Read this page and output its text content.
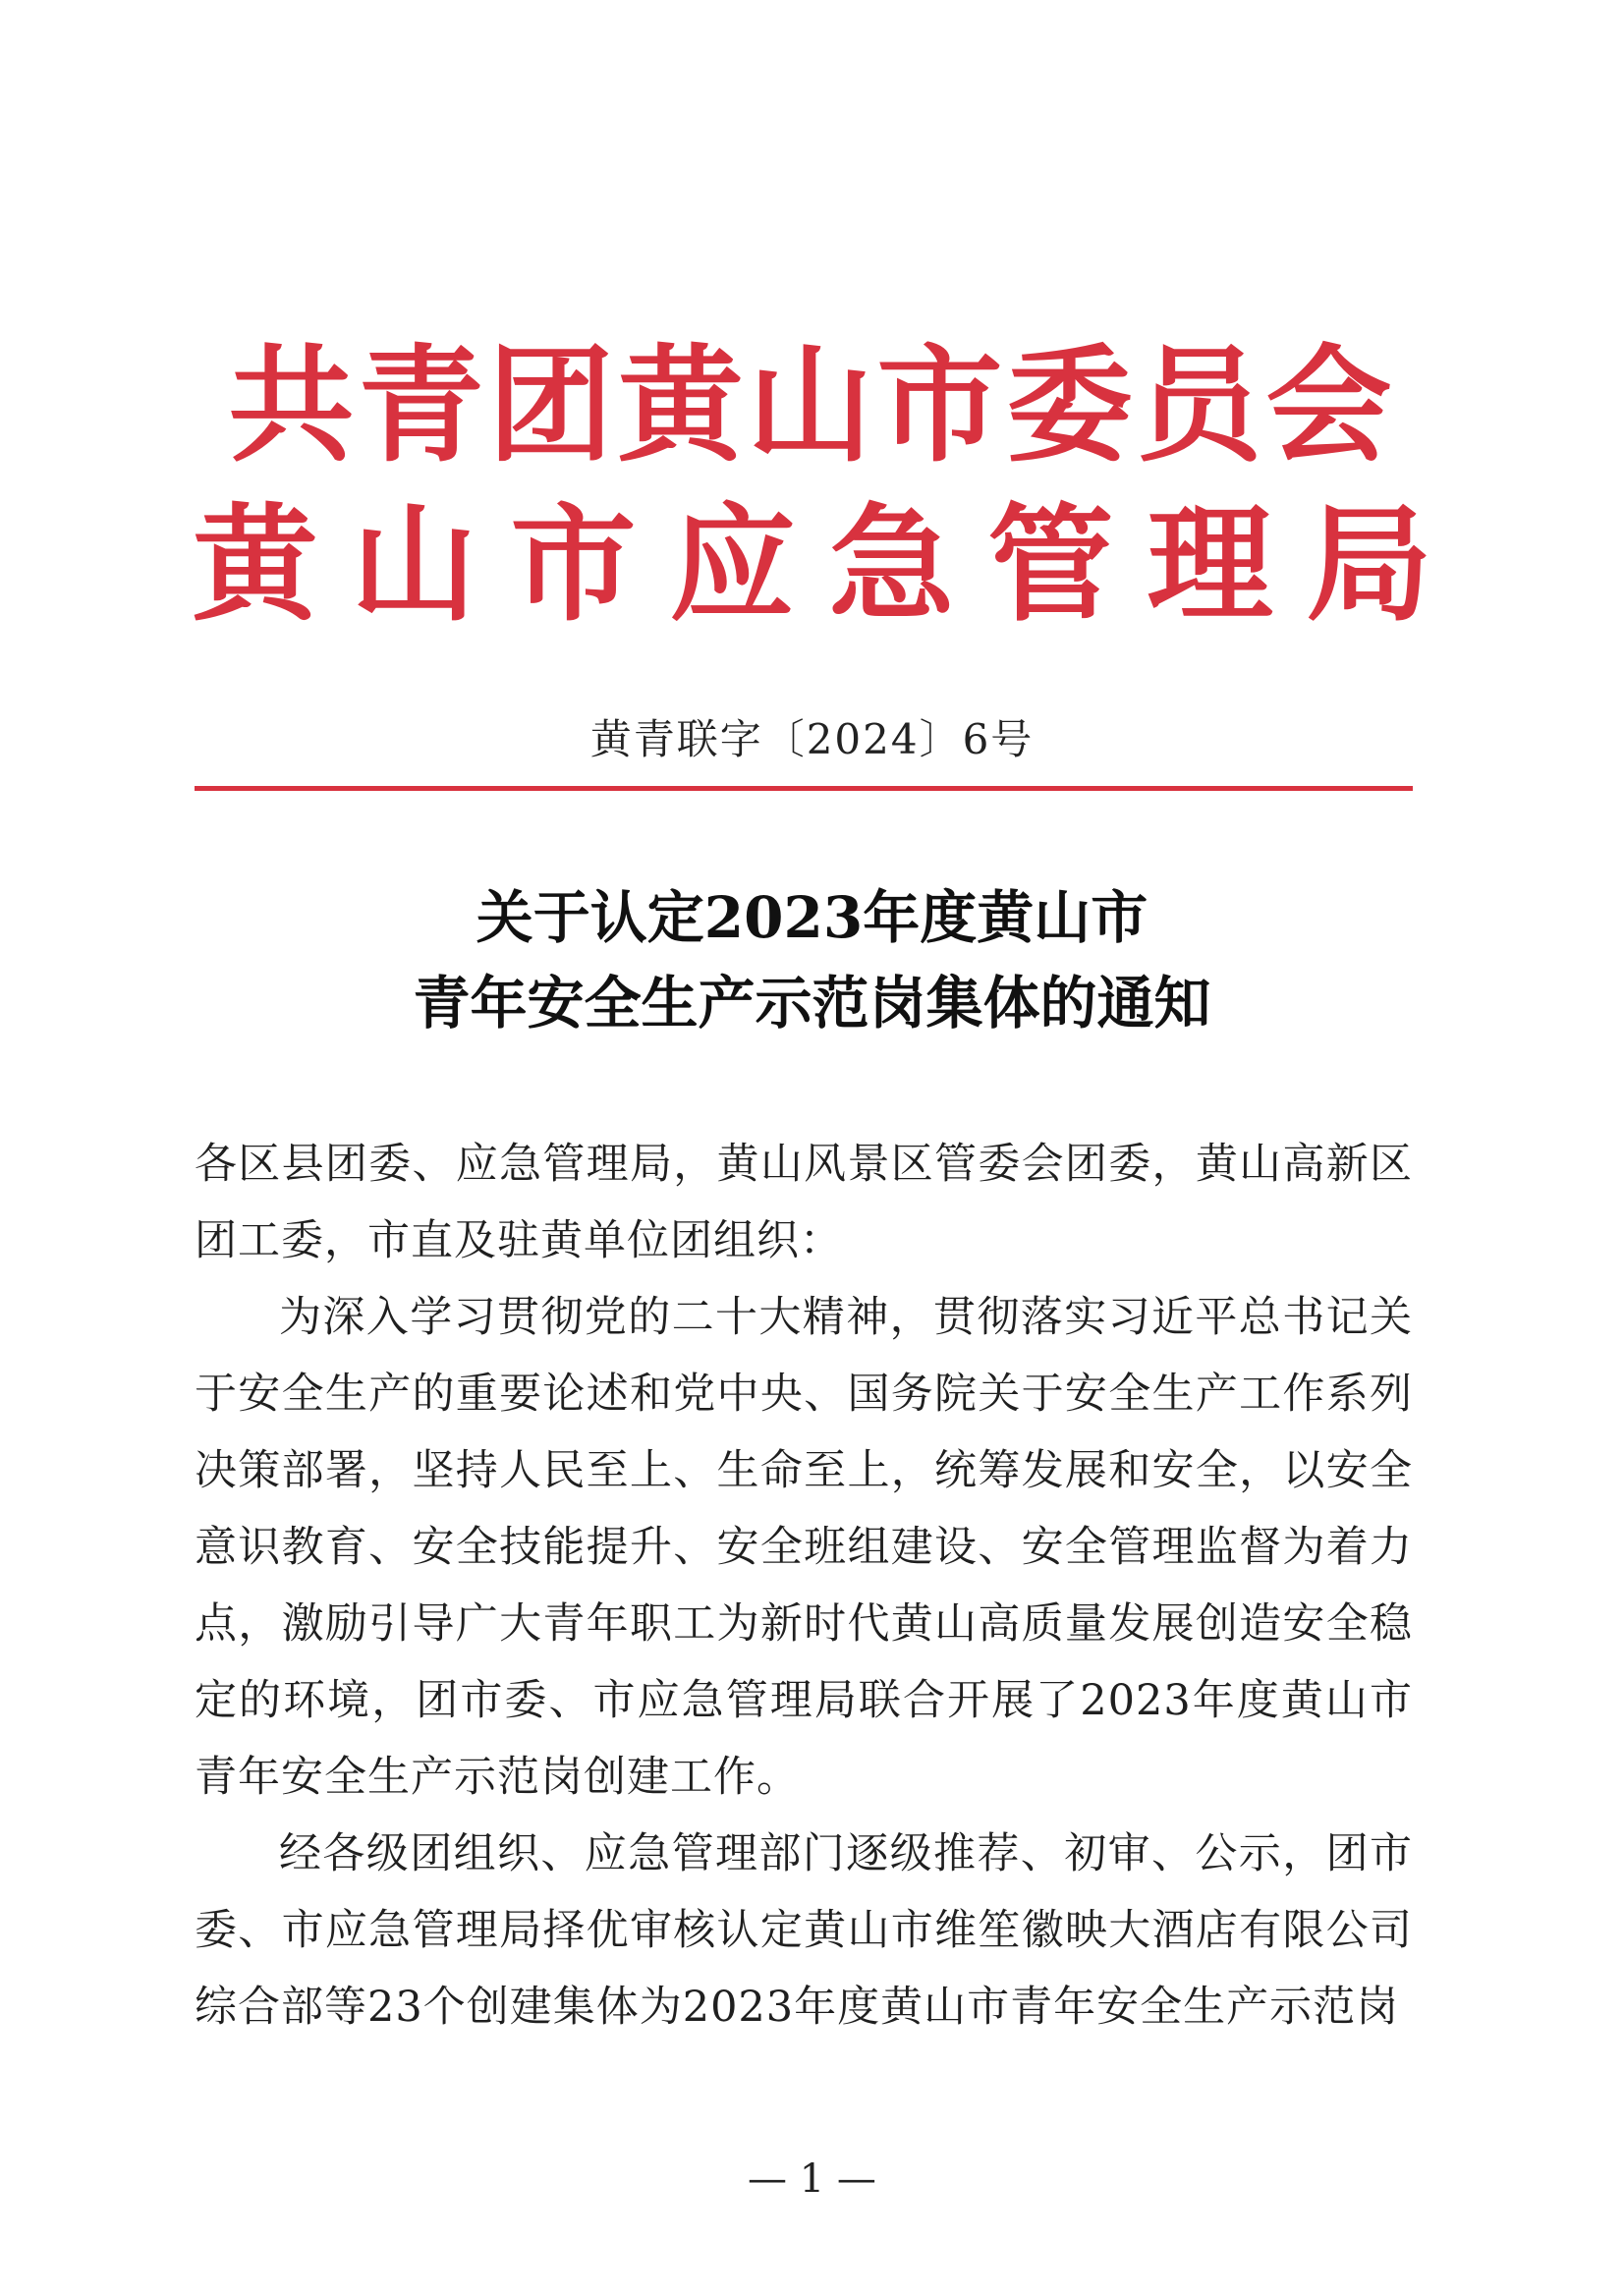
共青团黄山市委员会
黄山市应急管理局
黄青联字〔2024〕6号
关于认定2023年度黄山市
青年安全生产示范岗集体的通知
各区县团委、应急管理局，黄山风景区管委会团委，黄山高新区团工委，市直及驻黄单位团组织：
为深入学习贯彻党的二十大精神，贯彻落实习近平总书记关于安全生产的重要论述和党中央、国务院关于安全生产工作系列决策部署，坚持人民至上、生命至上，统筹发展和安全，以安全意识教育、安全技能提升、安全班组建设、安全管理监督为着力点，激励引导广大青年职工为新时代黄山高质量发展创造安全稳定的环境，团市委、市应急管理局联合开展了2023年度黄山市青年安全生产示范岗创建工作。
经各级团组织、应急管理部门逐级推荐、初审、公示，团市委、市应急管理局择优审核认定黄山市维笙徽映大酒店有限公司综合部等23个创建集体为2023年度黄山市青年安全生产示范岗
— 1 —
